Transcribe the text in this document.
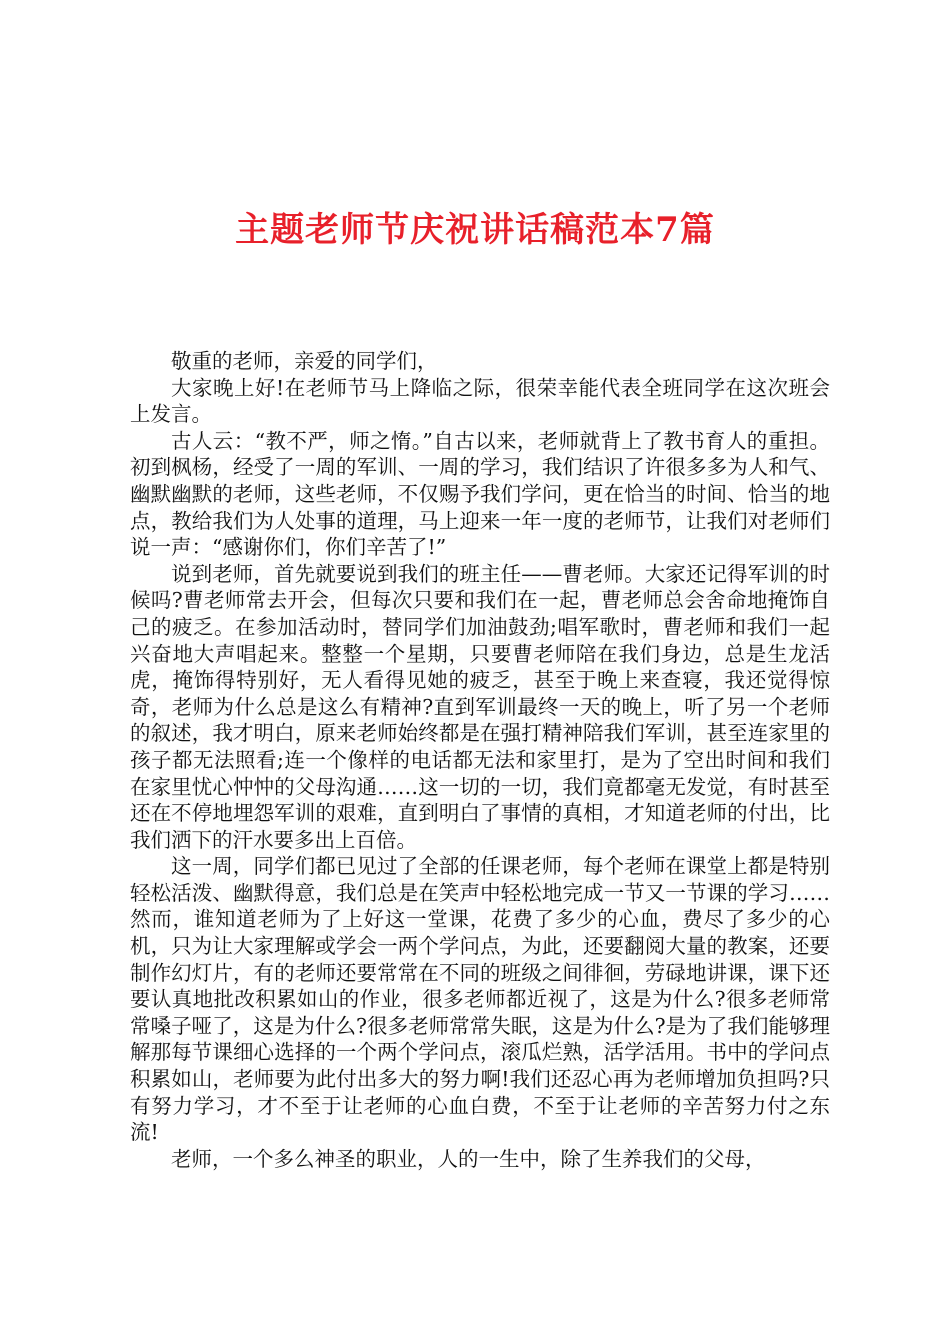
主题老师节庆祝讲话稿范本7篇

敬重的老师，亲爱的同学们，

大家晚上好!在老师节马上降临之际，很荣幸能代表全班同学在这次班会上发言。

古人云：“教不严，师之惰。”自古以来，老师就背上了教书育人的重担。初到枫杨，经受了一周的军训、一周的学习，我们结识了许很多多为人和气、幽默幽默的老师，这些老师，不仅赐予我们学问，更在恰当的时间、恰当的地点，教给我们为人处事的道理，马上迎来一年一度的老师节，让我们对老师们说一声：“感谢你们，你们辛苦了!”

说到老师，首先就要说到我们的班主任——曹老师。大家还记得军训的时候吗?曹老师常去开会，但每次只要和我们在一起，曹老师总会舍命地掩饰自己的疲乏。在参加活动时，替同学们加油鼓劲;唱军歌时，曹老师和我们一起兴奋地大声唱起来。整整一个星期，只要曹老师陪在我们身边，总是生龙活虎，掩饰得特别好，无人看得见她的疲乏，甚至于晚上来查寝，我还觉得惊奇，老师为什么总是这么有精神?直到军训最终一天的晚上，听了另一个老师的叙述，我才明白，原来老师始终都是在强打精神陪我们军训，甚至连家里的孩子都无法照看;连一个像样的电话都无法和家里打，是为了空出时间和我们在家里忧心忡忡的父母沟通……这一切的一切，我们竟都毫无发觉，有时甚至还在不停地埋怨军训的艰难，直到明白了事情的真相，才知道老师的付出，比我们洒下的汗水要多出上百倍。

这一周，同学们都已见过了全部的任课老师，每个老师在课堂上都是特别轻松活泼、幽默得意，我们总是在笑声中轻松地完成一节又一节课的学习……然而，谁知道老师为了上好这一堂课，花费了多少的心血，费尽了多少的心机，只为让大家理解或学会一两个学问点，为此，还要翻阅大量的教案，还要制作幻灯片，有的老师还要常常在不同的班级之间徘徊，劳碌地讲课，课下还要认真地批改积累如山的作业，很多老师都近视了，这是为什么?很多老师常常嗓子哑了，这是为什么?很多老师常常失眠，这是为什么?是为了我们能够理解那每节课细心选择的一个两个学问点，滚瓜烂熟，活学活用。书中的学问点积累如山，老师要为此付出多大的努力啊!我们还忍心再为老师增加负担吗?只有努力学习，才不至于让老师的心血白费，不至于让老师的辛苦努力付之东流!

老师，一个多么神圣的职业，人的一生中，除了生养我们的父母，
